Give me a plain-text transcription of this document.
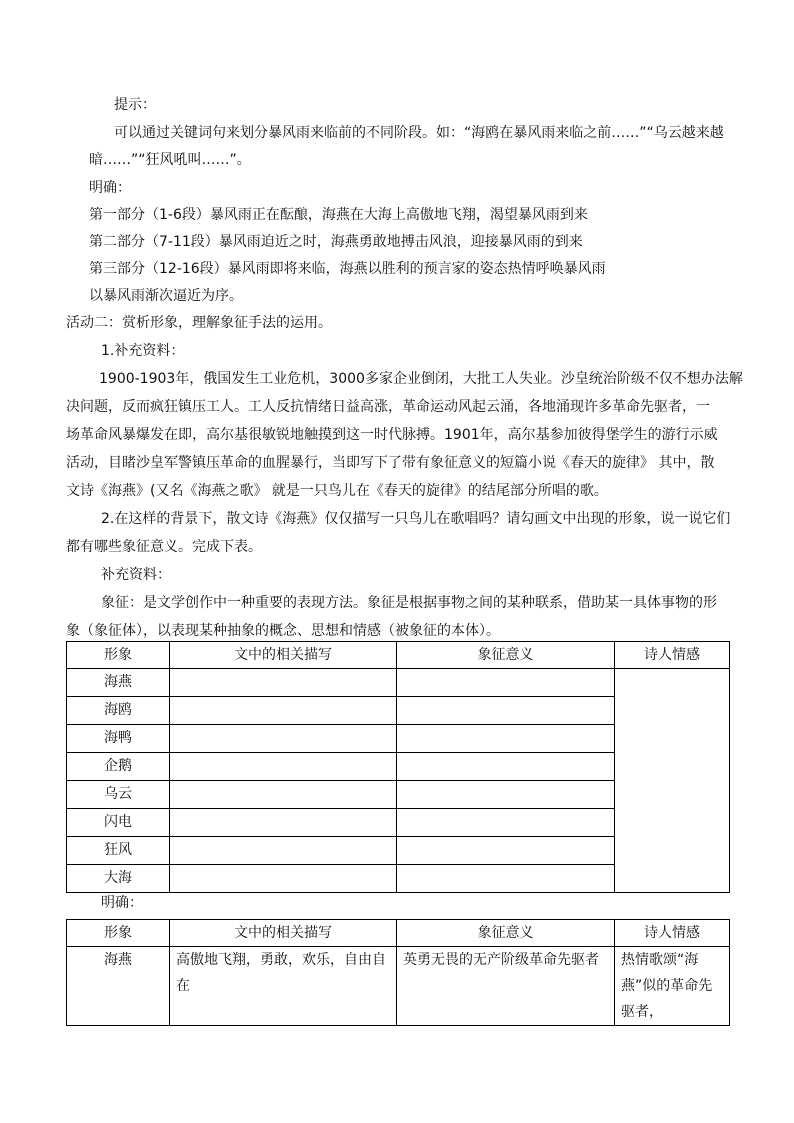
提示：
可以通过关键词句来划分暴风雨来临前的不同阶段。如：“海鸥在暴风雨来临之前……”“乌云越来越
暗……”“狂风吼叫……”。
明确：
第一部分（1-6段）暴风雨正在酝酿，海燕在大海上高傲地飞翔，渴望暴风雨到来
第二部分（7-11段）暴风雨迫近之时，海燕勇敢地搏击风浪，迎接暴风雨的到来
第三部分（12-16段）暴风雨即将来临，海燕以胜利的预言家的姿态热情呼唤暴风雨
以暴风雨渐次逼近为序。
活动二：赏析形象，理解象征手法的运用。
1.补充资料：
1900-1903年，俄国发生工业危机，3000多家企业倒闭，大批工人失业。沙皇统治阶级不仅不想办法解
决问题，反而疯狂镇压工人。工人反抗情绪日益高涨，革命运动风起云涌，各地涌现许多革命先驱者，一
场革命风暴爆发在即，高尔基很敏锐地触摸到这一时代脉搏。1901年，高尔基参加彼得堡学生的游行示威
活动，目睹沙皇军警镇压革命的血腥暴行，当即写下了带有象征意义的短篇小说《春天的旋律》 其中，散
文诗《海燕》(又名《海燕之歌》 就是一只鸟儿在《春天的旋律》的结尾部分所唱的歌。
2.在这样的背景下，散文诗《海燕》仅仅描写一只鸟儿在歌唱吗？请勾画文中出现的形象，说一说它们
都有哪些象征意义。完成下表。
补充资料：
象征：是文学创作中一种重要的表现方法。象征是根据事物之间的某种联系，借助某一具体事物的形
象（象征体），以表现某种抽象的概念、思想和情感（被象征的本体）。
形象	文中的相关描写	象征意义	诗人情感
海燕			
海鸥			
海鸭			
企鹅			
乌云			
闪电			
狂风			
大海			
明确：
形象	文中的相关描写	象征意义	诗人情感
海燕	高傲地飞翔，勇敢，欢乐，自由自在	英勇无畏的无产阶级革命先驱者	热情歌颂“海燕”似的革命先驱者，
